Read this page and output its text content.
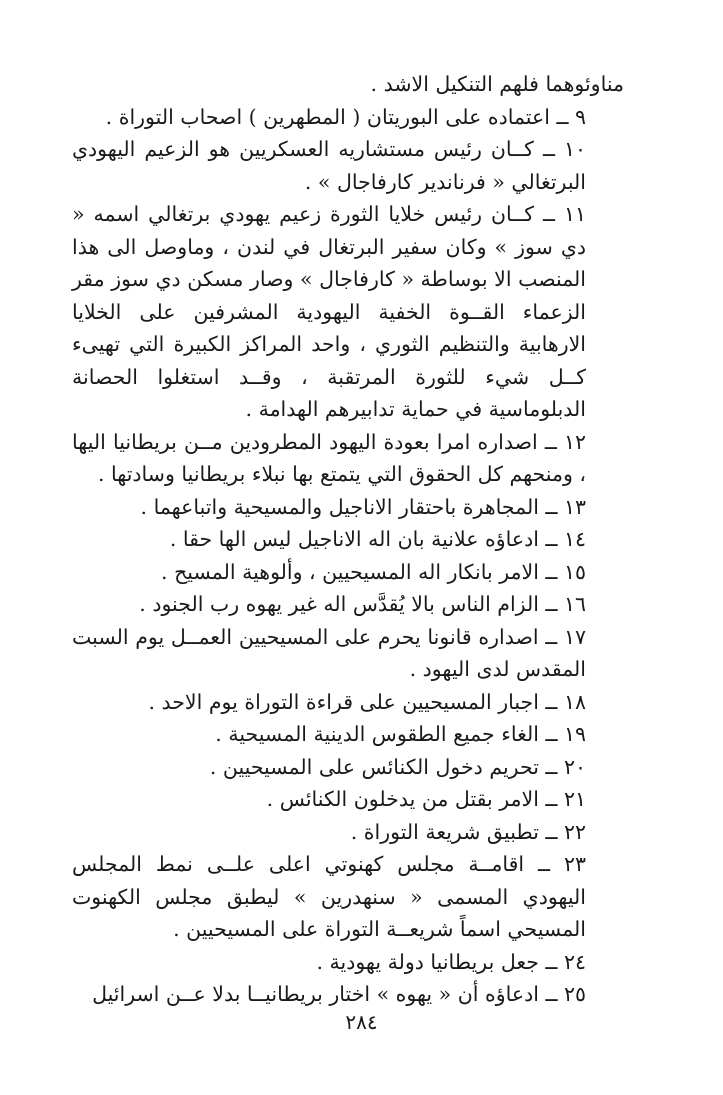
مناوئوهما فلهم التنكيل الاشد .

٩ ــ اعتماده على البوريتان ( المطهرين ) اصحاب التوراة .

١٠ ــ كــان رئيس مستشاريه العسكريين هو الزعيم اليهودي البرتغالي « فرناندير كارفاجال » .

١١ ــ كــان رئيس خلايا الثورة زعيم يهودي برتغالي اسمه « دي سوز » وكان سفير البرتغال في لندن ، وماوصل الى هذا المنصب الا بوساطة « كارفاجال » وصار مسكن دي سوز مقر الزعماء القــوة الخفية اليهودية المشرفين على الخلايا الارهابية والتنظيم الثوري ، واحد المراكز الكبيرة التي تهيىء كــل شيء للثورة المرتقبة ، وقــد استغلوا الحصانة الدبلوماسية في حماية تدابيرهم الهدامة .

١٢ ــ اصداره امرا بعودة اليهود المطرودين مــن بريطانيا اليها ، ومنحهم كل الحقوق التي يتمتع بها نبلاء بريطانيا وسادتها .

١٣ ــ المجاهرة باحتقار الاناجيل والمسيحية واتباعهما .

١٤ ــ ادعاؤه علانية بان اله الاناجيل ليس الها حقا .

١٥ ــ الامر بانكار اله المسيحيين ، وألوهية المسيح .

١٦ ــ الزام الناس بالا يُقدَّس اله غير يهوه رب الجنود .

١٧ ــ اصداره قانونا يحرم على المسيحيين العمــل يوم السبت المقدس لدى اليهود .

١٨ ــ اجبار المسيحيين على قراءة التوراة يوم الاحد .

١٩ ــ الغاء جميع الطقوس الدينية المسيحية .

٢٠ ــ تحريم دخول الكنائس على المسيحيين .

٢١ ــ الامر بقتل من يدخلون الكنائس .

٢٢ ــ تطبيق شريعة التوراة .

٢٣ ــ اقامــة مجلس كهنوتي اعلى علــى نمط المجلس اليهودي المسمى « سنهدرين » ليطبق مجلس الكهنوت المسيحي اسماً شريعــة التوراة على المسيحيين .

٢٤ ــ جعل بريطانيا دولة يهودية .

٢٥ ــ ادعاؤه أن « يهوه » اختار بريطانيــا بدلا عــن اسرائيل

٢٨٤
